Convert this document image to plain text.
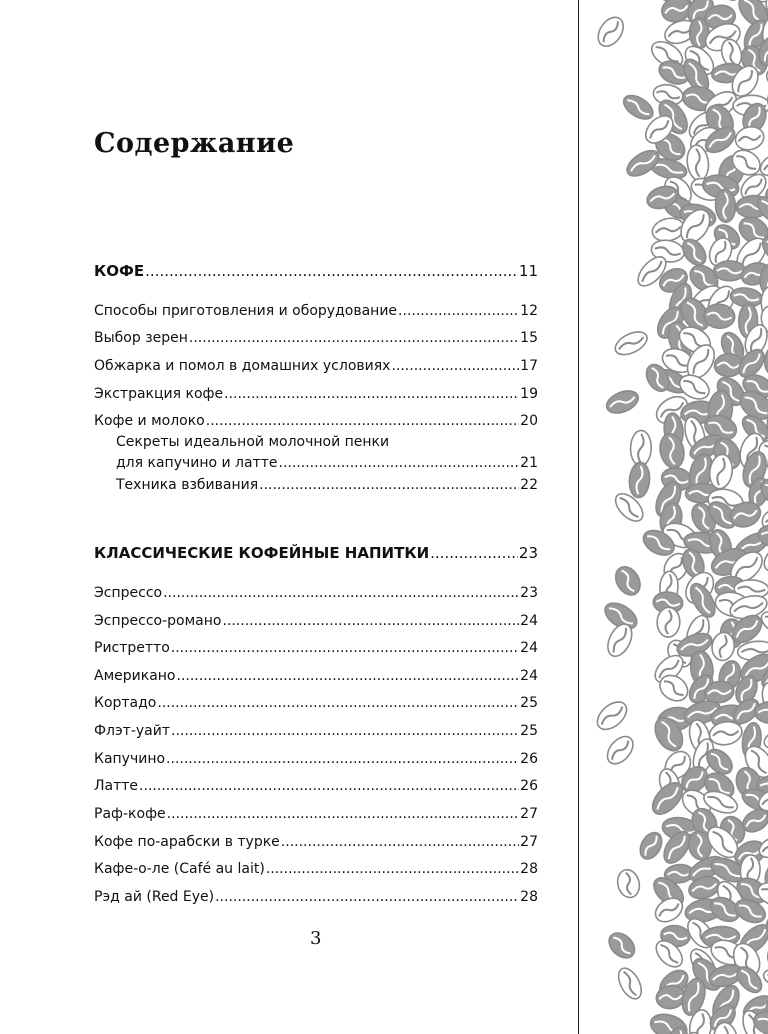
Содержание
КОФЕ .....	11
Способы приготовления и оборудование .....	12
Выбор зерен .....	15
Обжарка и помол в домашних условиях .....	17
Экстракция кофе .....	19
Кофе и молоко .....	20
Секреты идеальной молочной пенки
для капучино и латте .....	21
Техника взбивания .....	22
КЛАССИЧЕСКИЕ КОФЕЙНЫЕ НАПИТКИ .....	23
Эспрессо .....	23
Эспрессо-романо .....	24
Ристретто .....	24
Американо .....	24
Кортадо .....	25
Флэт-уайт .....	25
Капучино .....	26
Латте .....	26
Раф-кофе .....	27
Кофе по-арабски в турке .....	27
Кафе-о-ле (Café au lait) .....	28
Рэд ай (Red Eye) .....	28
3
